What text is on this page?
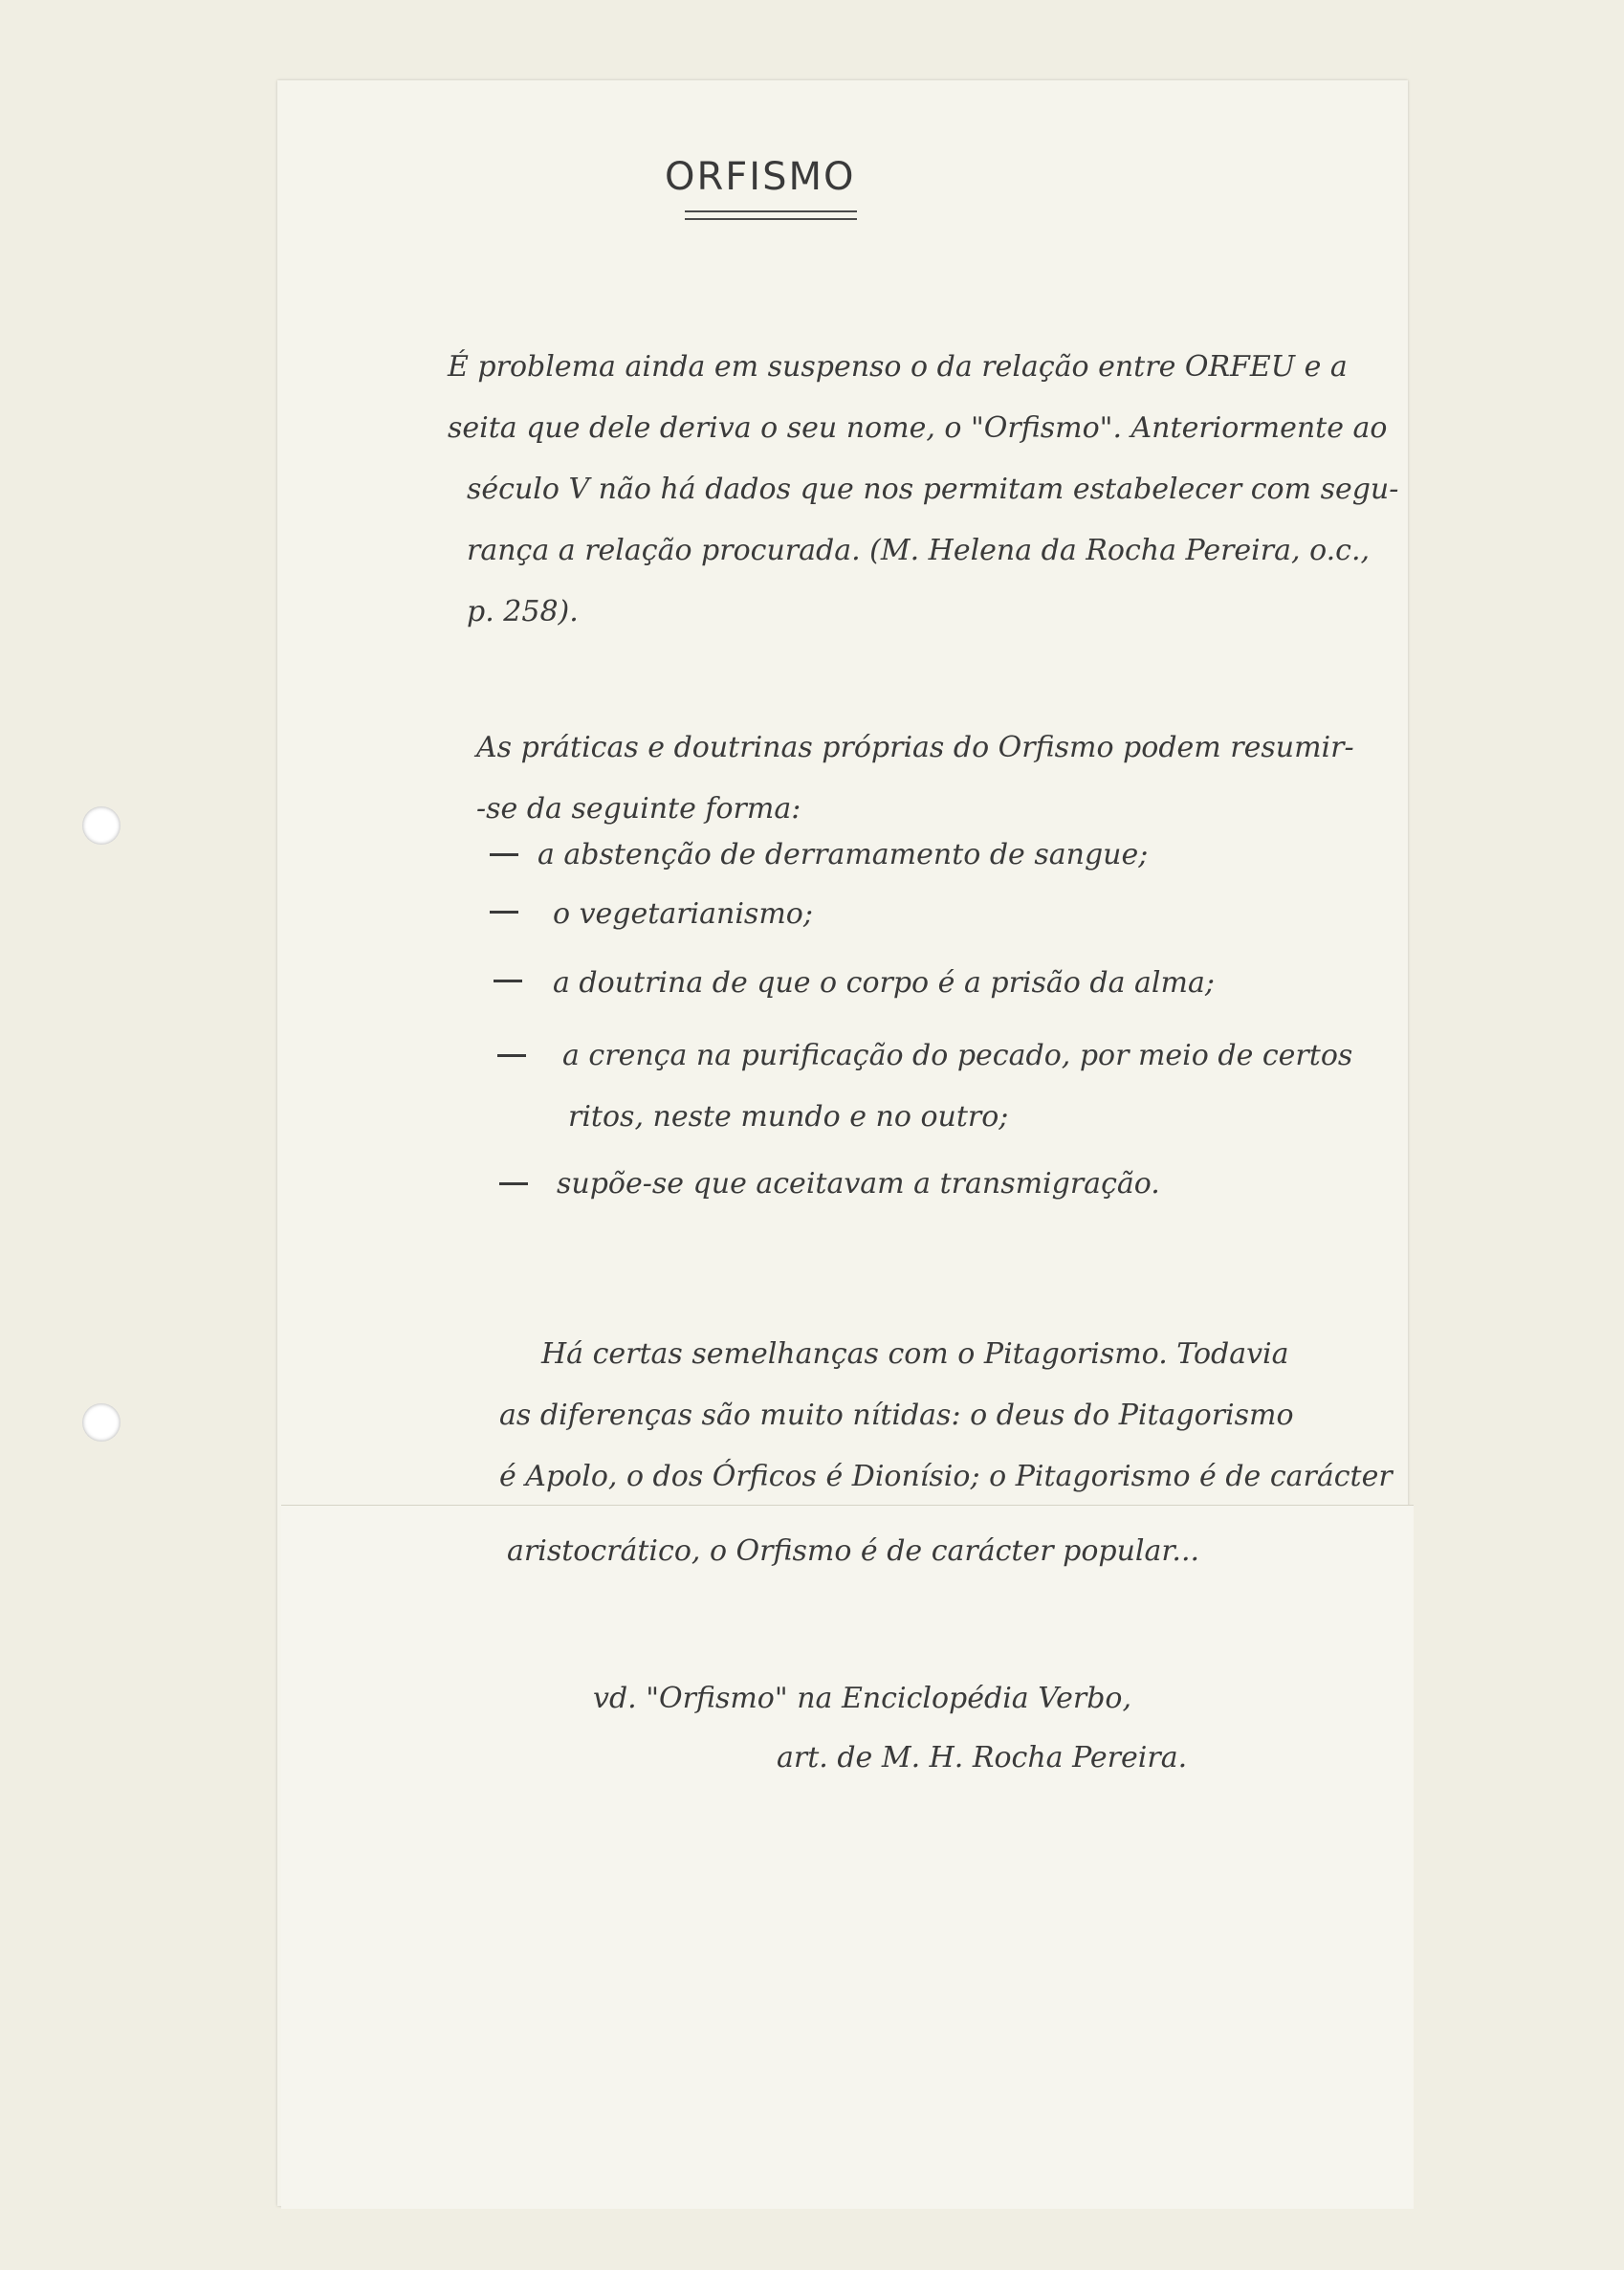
ORFISMO
É problema ainda em suspenso o da relação entre ORFEU e a
seita que dele deriva o seu nome, o "Orfismo". Anteriormente ao
século V não há dados que nos permitam estabelecer com segu-
rança a relação procurada. (M. Helena da Rocha Pereira, o.c.,
p. 258).
As práticas e doutrinas próprias do Orfismo podem resumir-
-se da seguinte forma:
a abstenção de derramamento de sangue;
o vegetarianismo;
a doutrina de que o corpo é a prisão da alma;
a crença na purificação do pecado, por meio de certos
ritos, neste mundo e no outro;
supõe-se que aceitavam a transmigração.
Há certas semelhanças com o Pitagorismo. Todavia
as diferenças são muito nítidas: o deus do Pitagorismo
é Apolo, o dos Órficos é Dionísio; o Pitagorismo é de carácter
aristocrático, o Orfismo é de carácter popular...
vd. "Orfismo" na Enciclopédia Verbo,
art. de M. H. Rocha Pereira.
